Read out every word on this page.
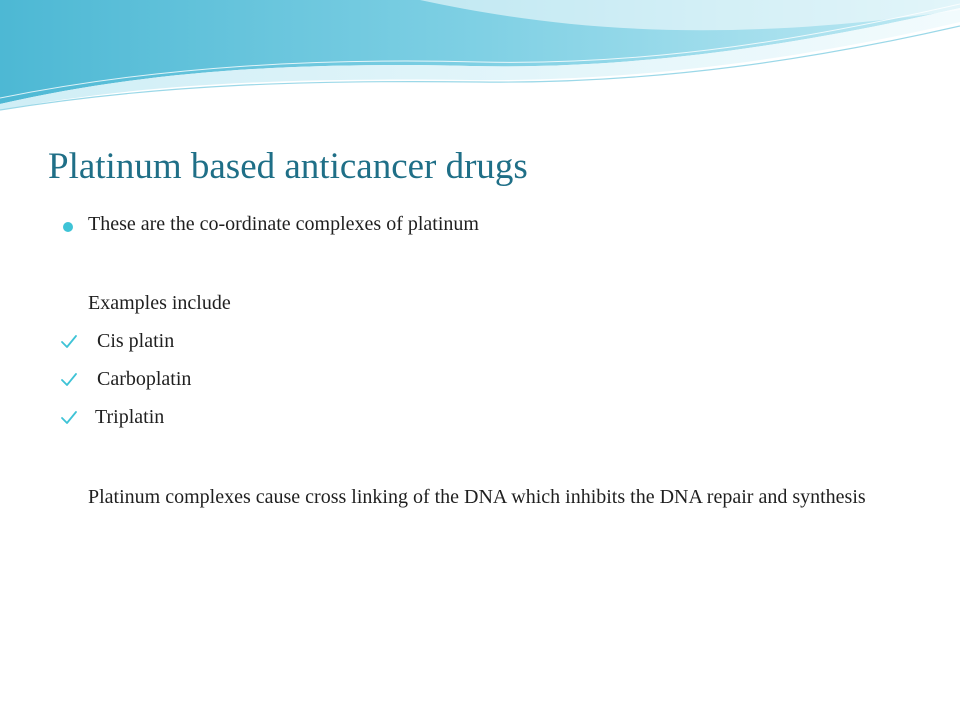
Platinum based anticancer drugs
These are the co-ordinate complexes of platinum
Examples include
Cis platin
Carboplatin
Triplatin

Platinum complexes cause cross linking of the DNA which inhibits the DNA repair and synthesis
